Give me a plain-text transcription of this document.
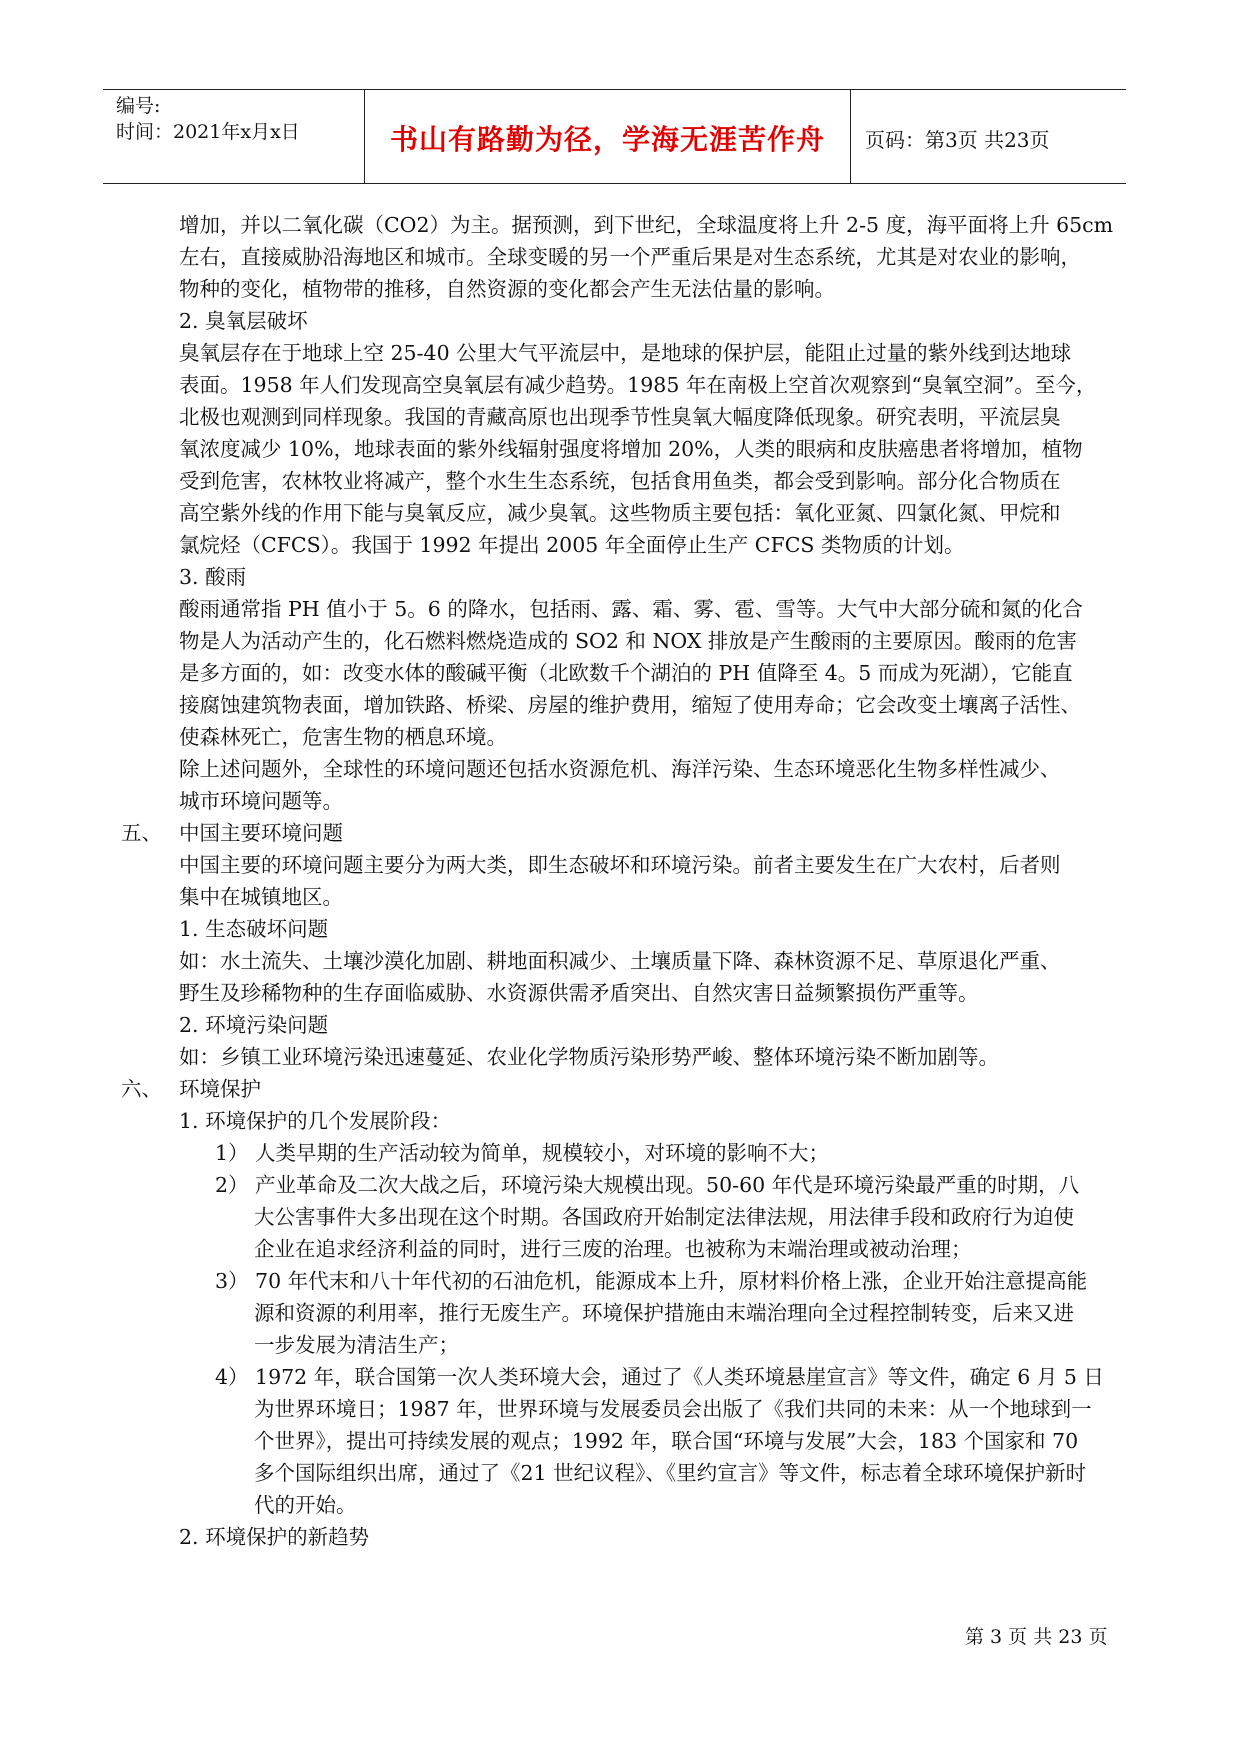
编号:
时间：2021年x月x日	书山有路勤为径，学海无涯苦作舟	页码：第3页 共23页
增加，并以二氧化碳（CO2）为主。据预测，到下世纪，全球温度将上升 2-5 度，海平面将上升 65cm
左右，直接威胁沿海地区和城市。全球变暖的另一个严重后果是对生态系统，尤其是对农业的影响，
物种的变化，植物带的推移，自然资源的变化都会产生无法估量的影响。
2. 臭氧层破坏
臭氧层存在于地球上空 25-40 公里大气平流层中，是地球的保护层，能阻止过量的紫外线到达地球
表面。1958 年人们发现高空臭氧层有减少趋势。1985 年在南极上空首次观察到“臭氧空洞”。至今，
北极也观测到同样现象。我国的青藏高原也出现季节性臭氧大幅度降低现象。研究表明，平流层臭
氧浓度减少 10%，地球表面的紫外线辐射强度将增加 20%，人类的眼病和皮肤癌患者将增加，植物
受到危害，农林牧业将减产，整个水生生态系统，包括食用鱼类，都会受到影响。部分化合物质在
高空紫外线的作用下能与臭氧反应，减少臭氧。这些物质主要包括：氧化亚氮、四氯化氮、甲烷和
氯烷烃（CFCS）。我国于 1992 年提出 2005 年全面停止生产 CFCS 类物质的计划。
3. 酸雨
酸雨通常指 PH 值小于 5。6 的降水，包括雨、露、霜、雾、雹、雪等。大气中大部分硫和氮的化合
物是人为活动产生的，化石燃料燃烧造成的 SO2 和 NOX 排放是产生酸雨的主要原因。酸雨的危害
是多方面的，如：改变水体的酸碱平衡（北欧数千个湖泊的 PH 值降至 4。5 而成为死湖），它能直
接腐蚀建筑物表面，增加铁路、桥梁、房屋的维护费用，缩短了使用寿命；它会改变土壤离子活性、
使森林死亡，危害生物的栖息环境。
除上述问题外，全球性的环境问题还包括水资源危机、海洋污染、生态环境恶化生物多样性减少、
城市环境问题等。
五、 中国主要环境问题
中国主要的环境问题主要分为两大类，即生态破坏和环境污染。前者主要发生在广大农村，后者则
集中在城镇地区。
1. 生态破坏问题
如：水土流失、土壤沙漠化加剧、耕地面积减少、土壤质量下降、森林资源不足、草原退化严重、
野生及珍稀物种的生存面临威胁、水资源供需矛盾突出、自然灾害日益频繁损伤严重等。
2. 环境污染问题
如：乡镇工业环境污染迅速蔓延、农业化学物质污染形势严峻、整体环境污染不断加剧等。
六、 环境保护
1. 环境保护的几个发展阶段：
1） 人类早期的生产活动较为简单，规模较小，对环境的影响不大；
2） 产业革命及二次大战之后，环境污染大规模出现。50-60 年代是环境污染最严重的时期，八
大公害事件大多出现在这个时期。各国政府开始制定法律法规，用法律手段和政府行为迫使
企业在追求经济利益的同时，进行三废的治理。也被称为末端治理或被动治理；
3） 70 年代末和八十年代初的石油危机，能源成本上升，原材料价格上涨，企业开始注意提高能
源和资源的利用率，推行无废生产。环境保护措施由末端治理向全过程控制转变，后来又进
一步发展为清洁生产；
4） 1972 年，联合国第一次人类环境大会，通过了《人类环境悬崖宣言》等文件，确定 6 月 5 日
为世界环境日；1987 年，世界环境与发展委员会出版了《我们共同的未来：从一个地球到一
个世界》，提出可持续发展的观点；1992 年，联合国“环境与发展”大会，183 个国家和 70
多个国际组织出席，通过了《21 世纪议程》、《里约宣言》等文件，标志着全球环境保护新时
代的开始。
2. 环境保护的新趋势
第 3 页 共 23 页
